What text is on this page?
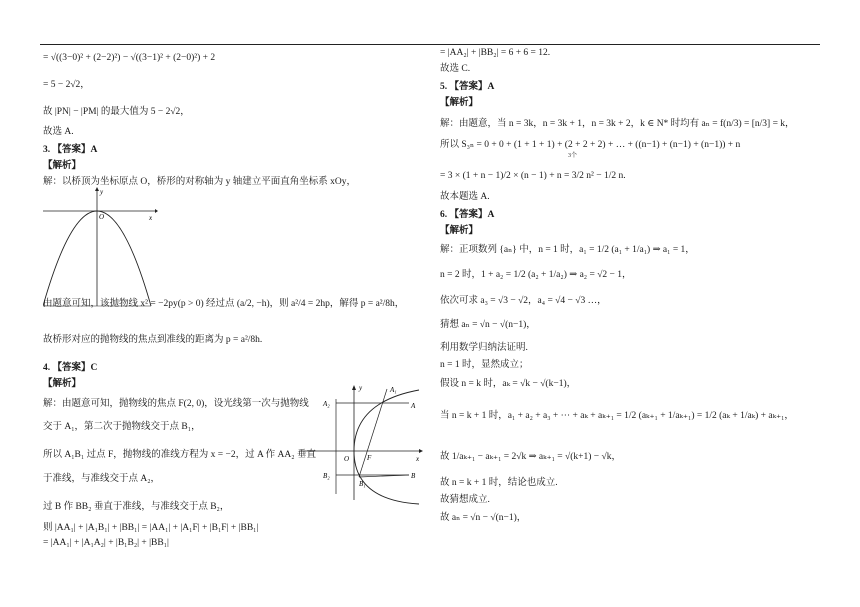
= √((3−0)² + (2−2)²) − √((3−1)² + (2−0)²) + 2
= 5 − 2√2，
故 |PN| − |PM| 的最大值为 5 − 2√2，
故选 A.
3. 【答案】A
【解析】
解：以桥顶为坐标原点 O，桥形的对称轴为 y 轴建立平面直角坐标系 xOy，
y
x
O
由题意可知，该抛物线 x² = −2py(p > 0) 经过点 (a/2, −h)，则 a²/4 = 2hp，解得 p = a²/8h，
故桥形对应的抛物线的焦点到准线的距离为 p = a²/8h.
4. 【答案】C
【解析】
解：由题意可知，抛物线的焦点 F(2, 0)，设光线第一次与抛物线
交于 A₁，第二次于抛物线交于点 B₁，
所以 A₁B₁ 过点 F，抛物线的准线方程为 x = −2，过 A 作 AA₂ 垂直
于准线，与准线交于点 A₂，
过 B 作 BB₂ 垂直于准线，与准线交于点 B₂，
则 |AA₁| + |A₁B₁| + |BB₁| = |AA₁| + |A₁F| + |B₁F| + |BB₁|
= |AA₁| + |A₁A₂| + |B₁B₂| + |BB₁|
y
x
O	F
A
A₁
A₂
B
B₁
B₂
= |AA₂| + |BB₂| = 6 + 6 = 12.
故选 C.
5. 【答案】A
【解析】
解：由题意，当 n = 3k，n = 3k + 1，n = 3k + 2，k ∈ N* 时均有 aₙ = f(n/3) = [n/3] = k，
所以 S₃ₙ = 0 + 0 + (1 + 1 + 1) + (2 + 2 + 2) + … + ((n−1) + (n−1) + (n−1)) + n
3个
= 3 × (1 + n − 1)/2 × (n − 1) + n = 3/2 n² − 1/2 n.
故本题选 A.
6. 【答案】A
【解析】
解：正项数列 {aₙ} 中，n = 1 时，a₁ = 1/2 (a₁ + 1/a₁) ⇒ a₁ = 1，
n = 2 时，1 + a₂ = 1/2 (a₂ + 1/a₂) ⇒ a₂ = √2 − 1，
依次可求 a₃ = √3 − √2，a₄ = √4 − √3 …，
猜想 aₙ = √n − √(n−1)，
利用数学归纳法证明.
n = 1 时，显然成立；
假设 n = k 时，aₖ = √k − √(k−1)，
当 n = k + 1 时，a₁ + a₂ + a₃ + ⋯ + aₖ + aₖ₊₁ = 1/2 (aₖ₊₁ + 1/aₖ₊₁) = 1/2 (aₖ + 1/aₖ) + aₖ₊₁，
故 1/aₖ₊₁ − aₖ₊₁ = 2√k ⇒ aₖ₊₁ = √(k+1) − √k，
故 n = k + 1 时，结论也成立.
故猜想成立.
故 aₙ = √n − √(n−1)，
